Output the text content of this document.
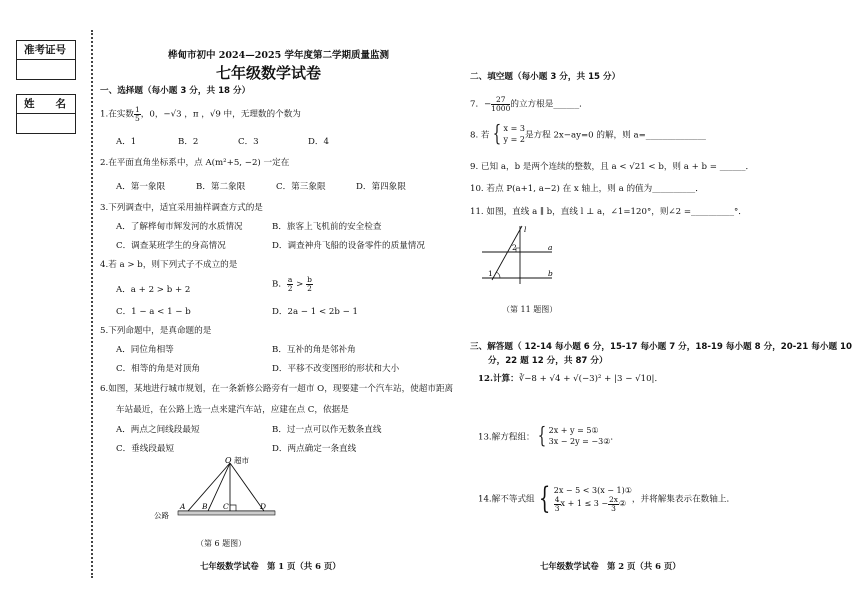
准考证号
姓　　名
桦甸市初中 2024—2025 学年度第二学期质量监测
七年级数学试卷
一、选择题（每小题 3 分，共 18 分）
1.在实数 $\frac{1}{5}$ ，0，−√3 ，π ，√9 中，无理数的个数为
A．1	B．2	C．3	D．4
2.在平面直角坐标系中，点 A(m²+5, −2) 一定在
A．第一象限	B．第二象限	C．第三象限	D．第四象限
3.下列调查中，适宜采用抽样调查方式的是
A．了解桦甸市辉发河的水质情况	B．旅客上飞机前的安全检查
C．调查某班学生的身高情况	D．调查神舟飞船的设备零件的质量情况
4.若 a > b，则下列式子不成立的是
A．a + 2 > b + 2
B． $\frac{a}{2} > \frac{b}{2}$
C．1 − a < 1 − b	D．2a − 1 < 2b − 1
5.下列命题中，是真命题的是
A．同位角相等	B．互补的角是邻补角
C．相等的角是对顶角	D．平移不改变图形的形状和大小
6.如图，某地进行城市规划，在一条新修公路旁有一超市 O，现要建一个汽车站，使超市距离
车站最近，在公路上选一点来建汽车站，应建在点 C，依据是
A．两点之间线段最短	B．过一点可以作无数条直线
C．垂线段最短	D．两点确定一条直线
O 超市
A B C	D
公路
（第 6 题图）
七年级数学试卷　第 1 页（共 6 页）
二、填空题（每小题 3 分，共 15 分）
7．− $\frac{27}{1000}$ 的立方根是______．
8. 若 { x = 3
y = 2 是方程 2x−ay=0 的解，则 a=______________
9. 已知 a，b 是两个连续的整数，且 a < √21 < b，则 a + b = ______．
10. 若点 P(a+1, a−2) 在 x 轴上，则 a 的值为__________．
11. 如图，直线 a ∥ b，直线 l ⊥ a，∠1=120°，则∠2 =__________°．
l
a
b
1
2
（第 11 题图）
三、解答题（ 12-14 每小题 6 分，15-17 每小题 7 分，18-19 每小题 8 分，20-21 每小题 10
分，22 题 12 分，共 87 分）
12.计算：∛−8 + √4 + √(−3)² + |3 − √10|．
13.解方程组： { 2x + y = 5①
3x − 2y = −3② ．
14.解不等式组 { 2x − 5 < 3(x − 1)①
$\frac{4}{3}$ $x + 1 \le 3 - \frac{2x}{3}$ ② ，并将解集表示在数轴上．
七年级数学试卷　第 2 页（共 6 页）
